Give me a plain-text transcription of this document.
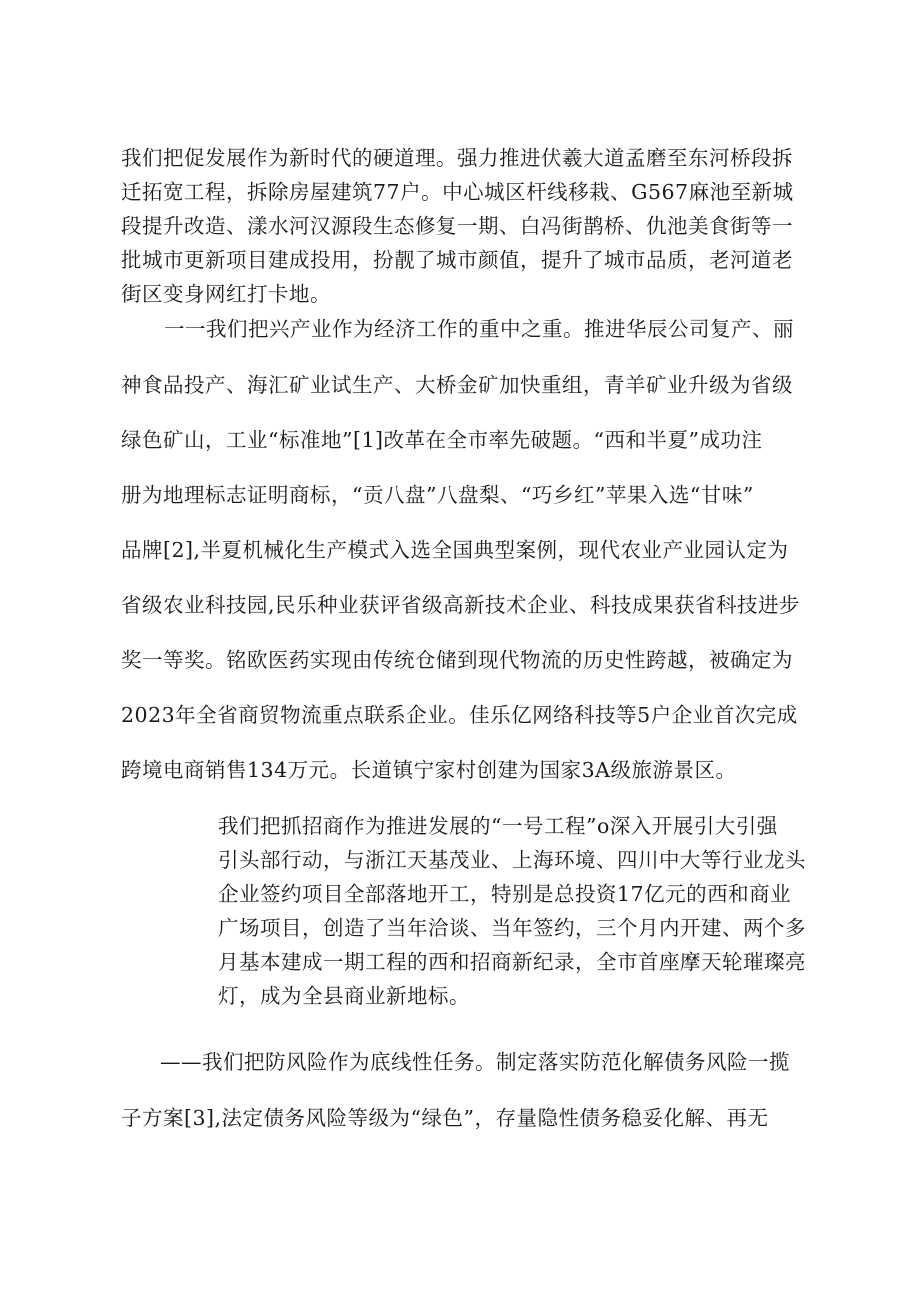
我们把促发展作为新时代的硬道理。强力推进伏羲大道孟磨至东河桥段拆
迁拓宽工程，拆除房屋建筑77户。中心城区杆线移栽、G567麻池至新城
段提升改造、漾水河汉源段生态修复一期、白冯街鹊桥、仇池美食街等一
批城市更新项目建成投用，扮靓了城市颜值，提升了城市品质，老河道老
街区变身网红打卡地。
一一我们把兴产业作为经济工作的重中之重。推进华辰公司复产、丽
神食品投产、海汇矿业试生产、大桥金矿加快重组，青羊矿业升级为省级
绿色矿山，工业“标准地”[1]改革在全市率先破题。“西和半夏”成功注
册为地理标志证明商标，“贡八盘”八盘梨、“巧乡红”苹果入选“甘味”
品牌[2],半夏机械化生产模式入选全国典型案例，现代农业产业园认定为
省级农业科技园,民乐种业获评省级高新技术企业、科技成果获省科技进步
奖一等奖。铭欧医药实现由传统仓储到现代物流的历史性跨越，被确定为
2023年全省商贸物流重点联系企业。佳乐亿网络科技等5户企业首次完成
跨境电商销售134万元。长道镇宁家村创建为国家3A级旅游景区。
我们把抓招商作为推进发展的“一号工程”o深入开展引大引强
引头部行动，与浙江天基茂业、上海环境、四川中大等行业龙头
企业签约项目全部落地开工，特别是总投资17亿元的西和商业
广场项目，创造了当年洽谈、当年签约，三个月内开建、两个多
月基本建成一期工程的西和招商新纪录，全市首座摩天轮璀璨亮
灯，成为全县商业新地标。
——我们把防风险作为底线性任务。制定落实防范化解债务风险一揽
子方案[3],法定债务风险等级为“绿色”，存量隐性债务稳妥化解、再无
